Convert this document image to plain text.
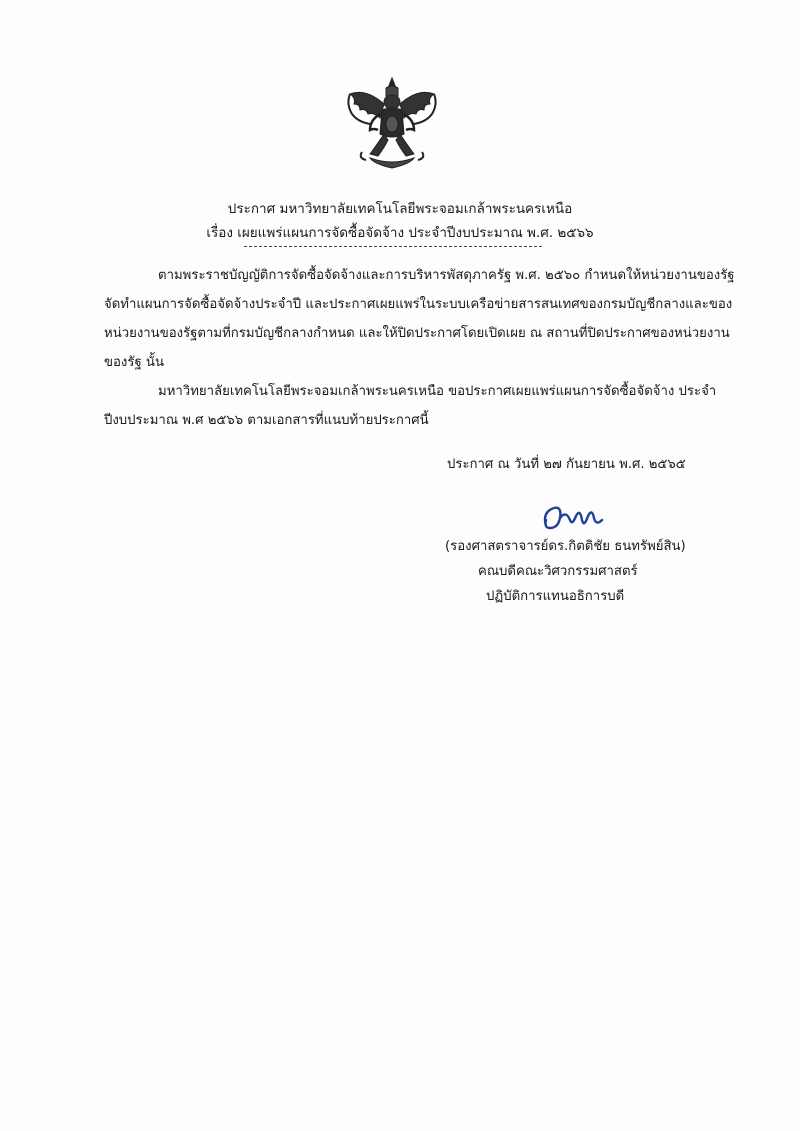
ประกาศ มหาวิทยาลัยเทคโนโลยีพระจอมเกล้าพระนครเหนือ
เรื่อง เผยแพร่แผนการจัดซื้อจัดจ้าง ประจำปีงบประมาณ พ.ศ. ๒๕๖๖
ตามพระราชบัญญัติการจัดซื้อจัดจ้างและการบริหารพัสดุภาครัฐ พ.ศ. ๒๕๖๐ กำหนดให้หน่วยงานของรัฐ
จัดทำแผนการจัดซื้อจัดจ้างประจำปี และประกาศเผยแพร่ในระบบเครือข่ายสารสนเทศของกรมบัญชีกลางและของ
หน่วยงานของรัฐตามที่กรมบัญชีกลางกำหนด และให้ปิดประกาศโดยเปิดเผย ณ สถานที่ปิดประกาศของหน่วยงาน
ของรัฐ นั้น
มหาวิทยาลัยเทคโนโลยีพระจอมเกล้าพระนครเหนือ ขอประกาศเผยแพร่แผนการจัดซื้อจัดจ้าง ประจำ
ปีงบประมาณ พ.ศ ๒๕๖๖ ตามเอกสารที่แนบท้ายประกาศนี้
ประกาศ ณ วันที่ ๒๗ กันยายน พ.ศ. ๒๕๖๕
(รองศาสตราจารย์ดร.กิตติชัย ธนทรัพย์สิน)
คณบดีคณะวิศวกรรมศาสตร์
ปฏิบัติการแทนอธิการบดี
